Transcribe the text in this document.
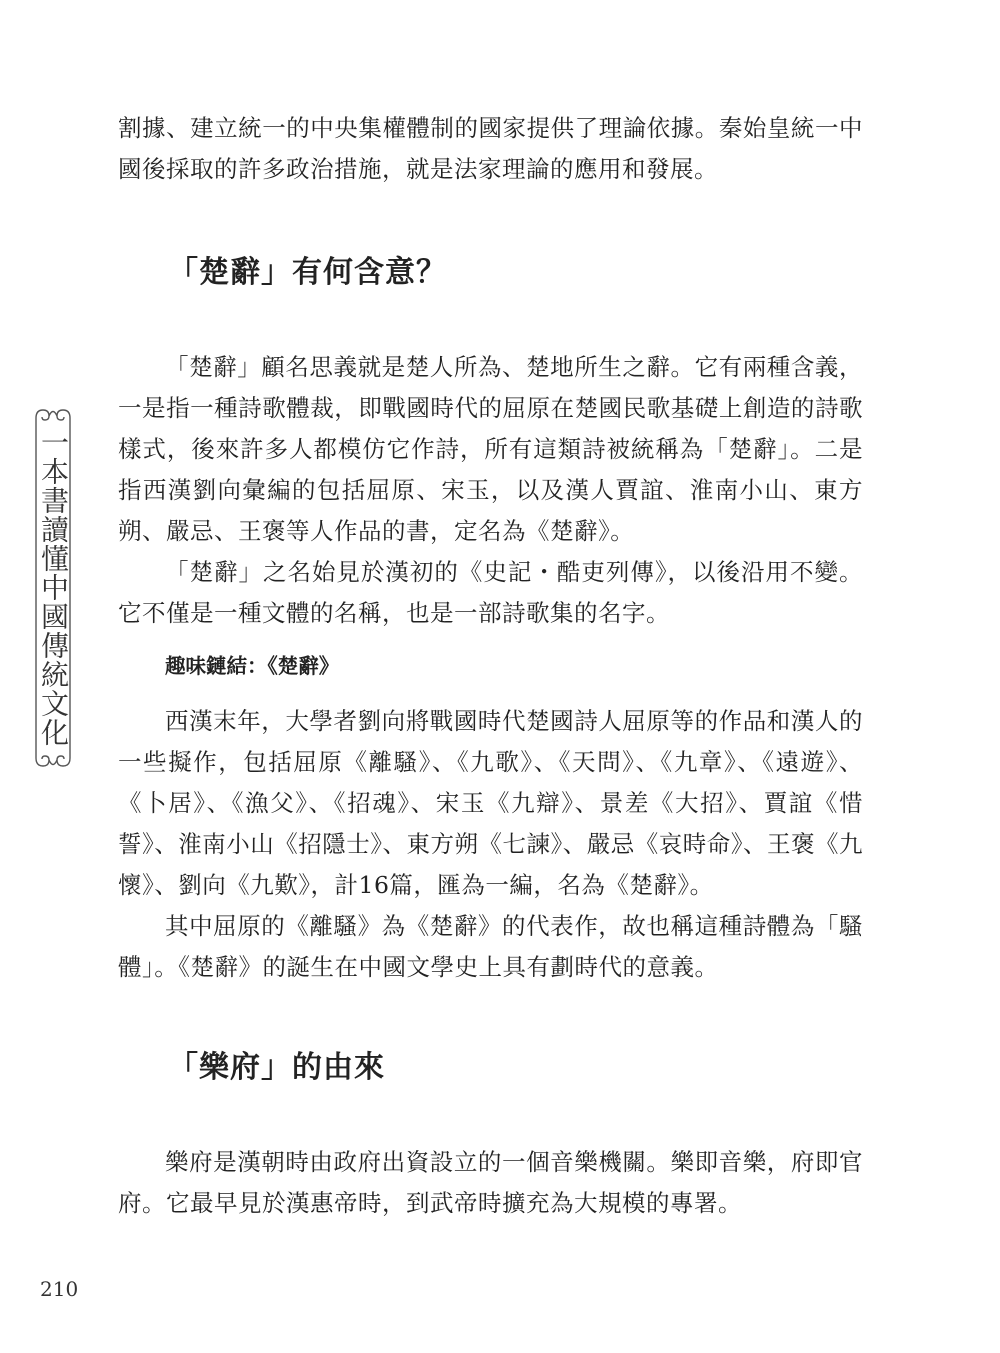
一本書讀懂中國傳統文化

割據、建立統一的中央集權體制的國家提供了理論依據。秦始皇統一中國後採取的許多政治措施，就是法家理論的應用和發展。

「楚辭」有何含意？

「楚辭」顧名思義就是楚人所為、楚地所生之辭。它有兩種含義，一是指一種詩歌體裁，即戰國時代的屈原在楚國民歌基礎上創造的詩歌樣式，後來許多人都模仿它作詩，所有這類詩被統稱為「楚辭」。二是指西漢劉向彙編的包括屈原、宋玉，以及漢人賈誼、淮南小山、東方朔、嚴忌、王褒等人作品的書，定名為《楚辭》。

「楚辭」之名始見於漢初的《史記・酷吏列傳》，以後沿用不變。它不僅是一種文體的名稱，也是一部詩歌集的名字。

趣味鏈結：《楚辭》

西漢末年，大學者劉向將戰國時代楚國詩人屈原等的作品和漢人的一些擬作，包括屈原《離騷》、《九歌》、《天問》、《九章》、《遠遊》、《卜居》、《漁父》、《招魂》、宋玉《九辯》、景差《大招》、賈誼《惜誓》、淮南小山《招隱士》、東方朔《七諫》、嚴忌《哀時命》、王褒《九懷》、劉向《九歎》，計16篇，匯為一編，名為《楚辭》。

其中屈原的《離騷》為《楚辭》的代表作，故也稱這種詩體為「騷體」。《楚辭》的誕生在中國文學史上具有劃時代的意義。

「樂府」的由來

樂府是漢朝時由政府出資設立的一個音樂機關。樂即音樂，府即官府。它最早見於漢惠帝時，到武帝時擴充為大規模的專署。

210
